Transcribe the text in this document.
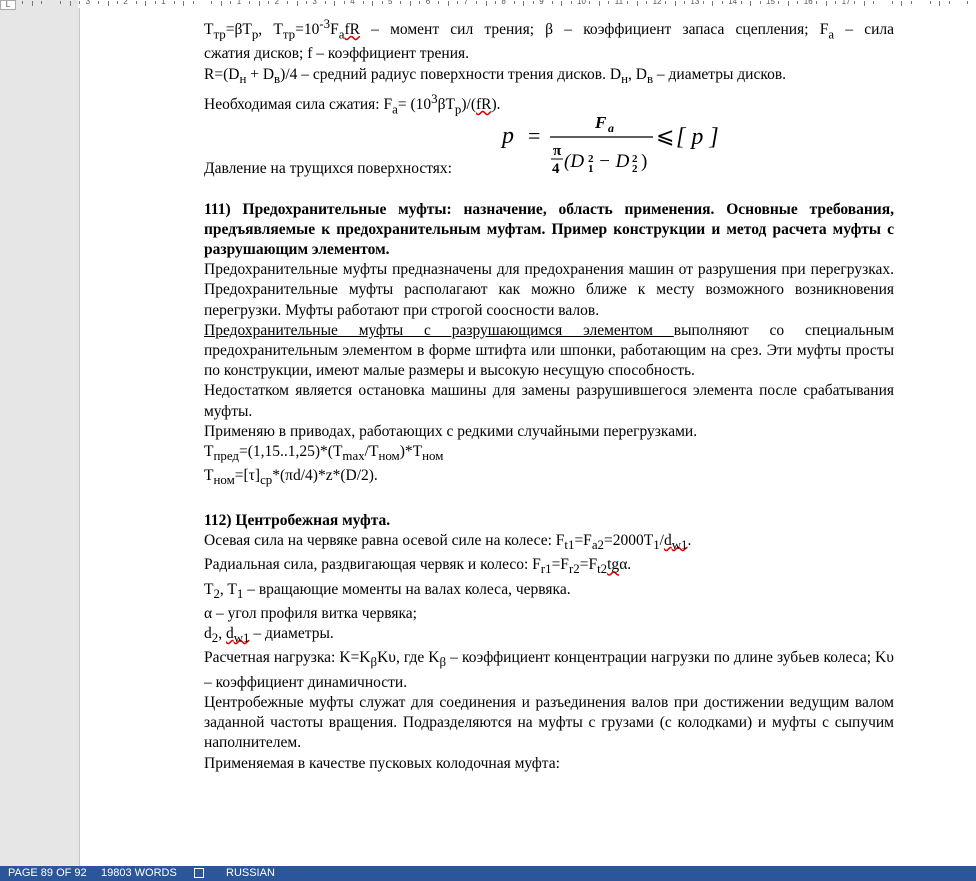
3	2	1	1	2	3	4	5	6	7	8	9	10	11	12	13	14	15	16	17
L

$T_{тр}=\beta T_р$, $T_{тр}=10^{-3}F_аfR$ – момент сил трения; β – коэффициент запаса сцепления; $F_а$ – сила

сжатия дисков; f – коэффициент трения.

$R=(D_н + D_в)/4$ – средний радиус поверхности трения дисков. $D_н$, $D_в$ – диаметры дисков.

Необходимая сила сжатия: $F_а= (10^3\beta T_р)/(fR)$.

Давление на трущихся поверхностях:
p =
F a
π
4 (D 2
1 − D 2
2 )
⩽ [ p ]

111) Предохранительные муфты: назначение, область применения. Основные требования, предъявляемые к предохранительным муфтам. Пример конструкции и метод расчета муфты с разрушающим элементом.

Предохранительные муфты предназначены для предохранения машин от разрушения при перегрузках. Предохранительные муфты располагают как можно ближе к месту возможного возникновения перегрузки. Муфты работают при строгой соосности валов.

Предохранительные муфты с разрушающимся элементом выполняют со специальным предохранительным элементом в форме штифта или шпонки, работающим на срез. Эти муфты просты по конструкции, имеют малые размеры и высокую несущую способность.

Недостатком является остановка машины для замены разрушившегося элемента после срабатывания муфты.

Применяю в приводах, работающих с редкими случайными перегрузками.

$T_{пред}=(1,15..1,25)*(T_{max}/T_{ном})*T_{ном}$

$T_{ном}=[\tau]_{ср}*(\pi d/4)*z*(D/2)$.

112) Центробежная муфта.

Осевая сила на червяке равна осевой силе на колесе: $F_{t1}=F_{a2}=2000T_1/d_{w1}$.

Радиальная сила, раздвигающая червяк и колесо: $F_{r1}=F_{r2}=F_{t2}tg\alpha$.

$T_2$, $T_1$ – вращающие моменты на валах колеса, червяка.

α – угол профиля витка червяка;

$d_2$, $d_{w1}$ – диаметры.

Расчетная нагрузка: $K=K_\beta K\upsilon$, где $K_\beta$ – коэффициент концентрации нагрузки по длине зубьев колеса; Kυ – коэффициент динамичности.

Центробежные муфты служат для соединения и разъединения валов при достижении ведущим валом заданной частоты вращения. Подразделяются на муфты с грузами (с колодками) и муфты с сыпучим наполнителем.

Применяемая в качестве пусковых колодочная муфта:

PAGE 89 OF 92 19803 WORDS	RUSSIAN
